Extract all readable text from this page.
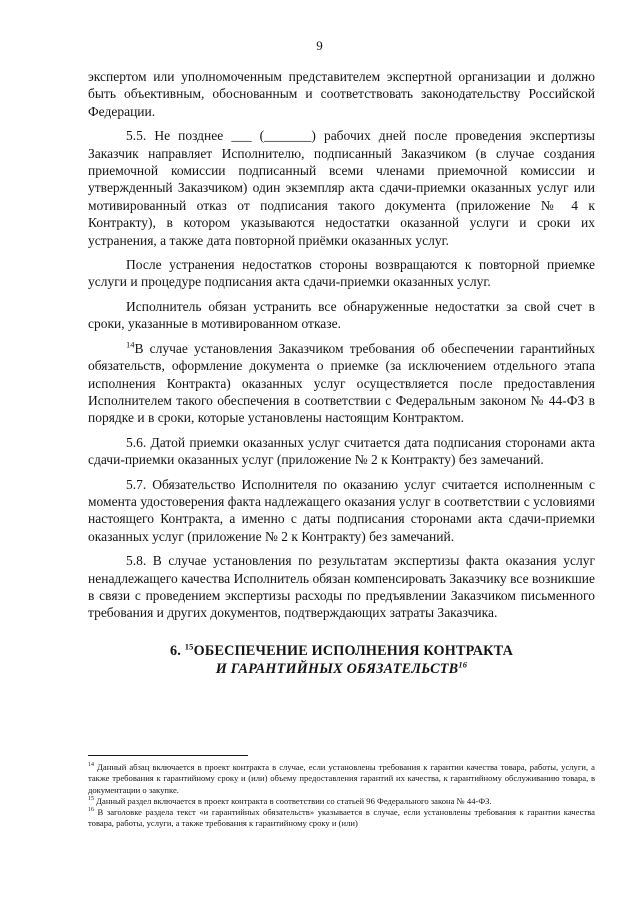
9

экспертом или уполномоченным представителем экспертной организации и должно быть объективным, обоснованным и соответствовать законодательству Российской Федерации.

5.5. Не позднее ___ (_______) рабочих дней после проведения экспертизы Заказчик направляет Исполнителю, подписанный Заказчиком (в случае создания приемочной комиссии подписанный всеми членами приемочной комиссии и утвержденный Заказчиком) один экземпляр акта сдачи-приемки оказанных услуг или мотивированный отказ от подписания такого документа (приложение № 4 к Контракту), в котором указываются недостатки оказанной услуги и сроки их устранения, а также дата повторной приёмки оказанных услуг.

После устранения недостатков стороны возвращаются к повторной приемке услуги и процедуре подписания акта сдачи-приемки оказанных услуг.

Исполнитель обязан устранить все обнаруженные недостатки за свой счет в сроки, указанные в мотивированном отказе.

$^{14}$В случае установления Заказчиком требования об обеспечении гарантийных обязательств, оформление документа о приемке (за исключением отдельного этапа исполнения Контракта) оказанных услуг осуществляется после предоставления Исполнителем такого обеспечения в соответствии с Федеральным законом № 44-ФЗ в порядке и в сроки, которые установлены настоящим Контрактом.

5.6. Датой приемки оказанных услуг считается дата подписания сторонами акта сдачи-приемки оказанных услуг (приложение № 2 к Контракту) без замечаний.

5.7. Обязательство Исполнителя по оказанию услуг считается исполненным с момента удостоверения факта надлежащего оказания услуг в соответствии с условиями настоящего Контракта, а именно с даты подписания сторонами акта сдачи-приемки оказанных услуг (приложение № 2 к Контракту) без замечаний.

5.8. В случае установления по результатам экспертизы факта оказания услуг ненадлежащего качества Исполнитель обязан компенсировать Заказчику все возникшие в связи с проведением экспертизы расходы по предъявлении Заказчиком письменного требования и других документов, подтверждающих затраты Заказчика.

6. $^{15}$ОБЕСПЕЧЕНИЕ ИСПОЛНЕНИЯ КОНТРАКТА
И ГАРАНТИЙНЫХ ОБЯЗАТЕЛЬСТВ$^{16}$

$^{14}$ Данный абзац включается в проект контракта в случае, если установлены требования к гарантии качества товара, работы, услуги, а также требования к гарантийному сроку и (или) объему предоставления гарантий их качества, к гарантийному обслуживанию товара, в документации о закупке.

$^{15}$ Данный раздел включается в проект контракта в соответствии со статьей 96 Федерального закона № 44-ФЗ.

$^{16}$ В заголовке раздела текст «и гарантийных обязательств» указывается в случае, если установлены требования к гарантии качества товара, работы, услуги, а также требования к гарантийному сроку и (или)
